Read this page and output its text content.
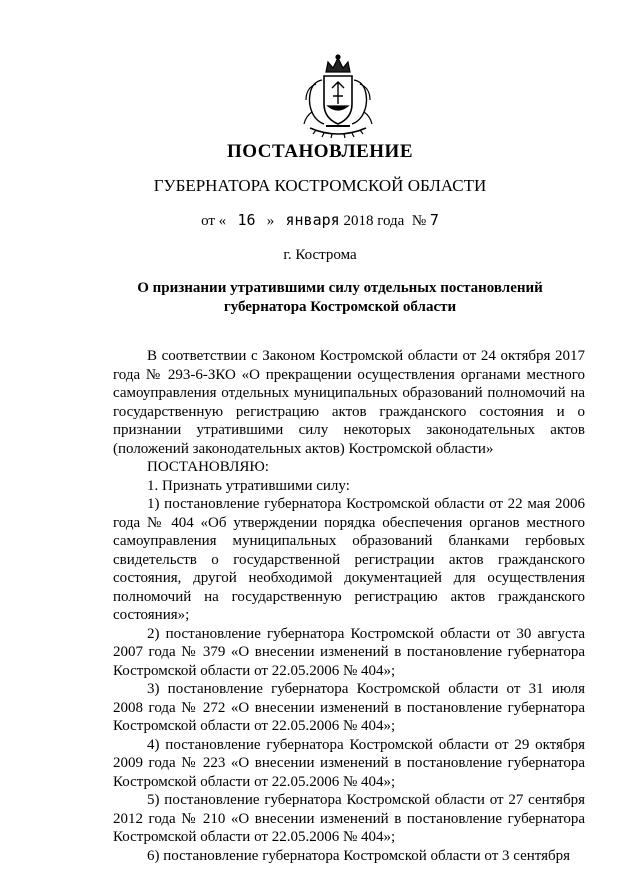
ПОСТАНОВЛЕНИЕ
ГУБЕРНАТОРА КОСТРОМСКОЙ ОБЛАСТИ
от « 16 » января 2018 года № 7
г. Кострома
О признании утратившими силу отдельных постановлений губернатора Костромской области

В соответствии с Законом Костромской области от 24 октября 2017 года № 293-6-ЗКО «О прекращении осуществления органами местного самоуправления отдельных муниципальных образований полномочий на государственную регистрацию актов гражданского состояния и о признании утратившими силу некоторых законодательных актов (положений законодательных актов) Костромской области»

ПОСТАНОВЛЯЮ:

1. Признать утратившими силу:

1) постановление губернатора Костромской области от 22 мая 2006 года № 404 «Об утверждении порядка обеспечения органов местного самоуправления муниципальных образований бланками гербовых свидетельств о государственной регистрации актов гражданского состояния, другой необходимой документацией для осуществления полномочий на государственную регистрацию актов гражданского состояния»;

2) постановление губернатора Костромской области от 30 августа 2007 года № 379 «О внесении изменений в постановление губернатора Костромской области от 22.05.2006 № 404»;

3) постановление губернатора Костромской области от 31 июля 2008 года № 272 «О внесении изменений в постановление губернатора Костромской области от 22.05.2006 № 404»;

4) постановление губернатора Костромской области от 29 октября 2009 года № 223 «О внесении изменений в постановление губернатора Костромской области от 22.05.2006 № 404»;

5) постановление губернатора Костромской области от 27 сентября 2012 года № 210 «О внесении изменений в постановление губернатора Костромской области от 22.05.2006 № 404»;

6) постановление губернатора Костромской области от 3 сентября
